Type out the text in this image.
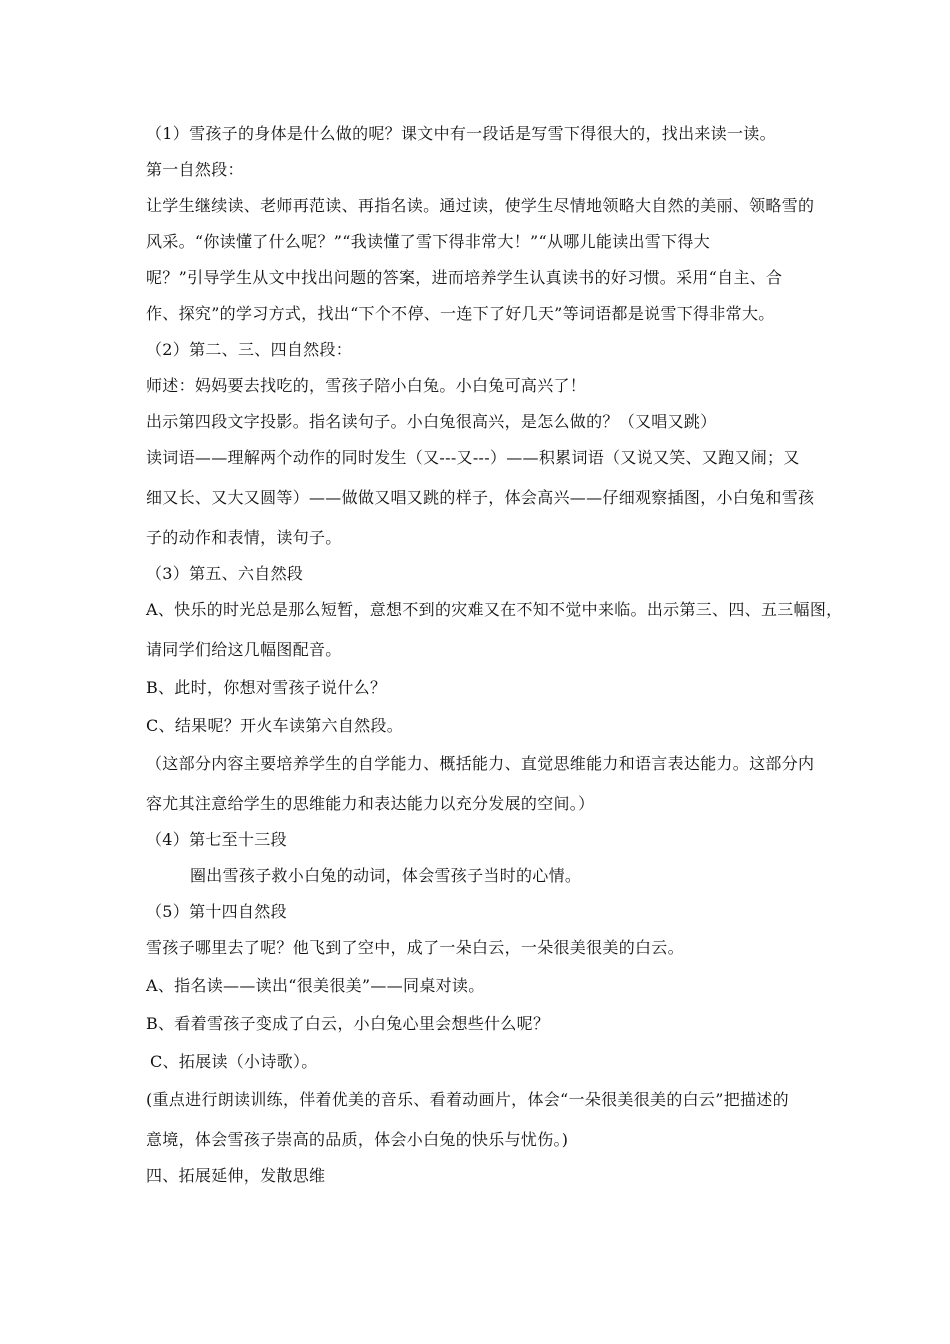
（1）雪孩子的身体是什么做的呢？课文中有一段话是写雪下得很大的，找出来读一读。
第一自然段：
让学生继续读、老师再范读、再指名读。通过读，使学生尽情地领略大自然的美丽、领略雪的
风采。“你读懂了什么呢？”“我读懂了雪下得非常大！”“从哪儿能读出雪下得大
呢？”引导学生从文中找出问题的答案，进而培养学生认真读书的好习惯。采用“自主、合
作、探究”的学习方式，找出“下个不停、一连下了好几天”等词语都是说雪下得非常大。
（2）第二、三、四自然段：
师述：妈妈要去找吃的，雪孩子陪小白兔。小白兔可高兴了！
出示第四段文字投影。指名读句子。小白兔很高兴，是怎么做的？（又唱又跳）
读词语——理解两个动作的同时发生（又---又---）——积累词语（又说又笑、又跑又闹；又
细又长、又大又圆等）——做做又唱又跳的样子，体会高兴——仔细观察插图，小白兔和雪孩
子的动作和表情，读句子。
（3）第五、六自然段
A、快乐的时光总是那么短暂，意想不到的灾难又在不知不觉中来临。出示第三、四、五三幅图，
请同学们给这几幅图配音。
B、此时，你想对雪孩子说什么？
C、结果呢？开火车读第六自然段。
（这部分内容主要培养学生的自学能力、概括能力、直觉思维能力和语言表达能力。这部分内
容尤其注意给学生的思维能力和表达能力以充分发展的空间。）
（4）第七至十三段
圈出雪孩子救小白兔的动词，体会雪孩子当时的心情。
（5）第十四自然段
雪孩子哪里去了呢？他飞到了空中，成了一朵白云，一朵很美很美的白云。
A、指名读——读出“很美很美”——同桌对读。
B、看着雪孩子变成了白云，小白兔心里会想些什么呢？
C、拓展读（小诗歌）。
(重点进行朗读训练，伴着优美的音乐、看着动画片，体会“一朵很美很美的白云”把描述的
意境，体会雪孩子崇高的品质，体会小白兔的快乐与忧伤。)
四、拓展延伸，发散思维
